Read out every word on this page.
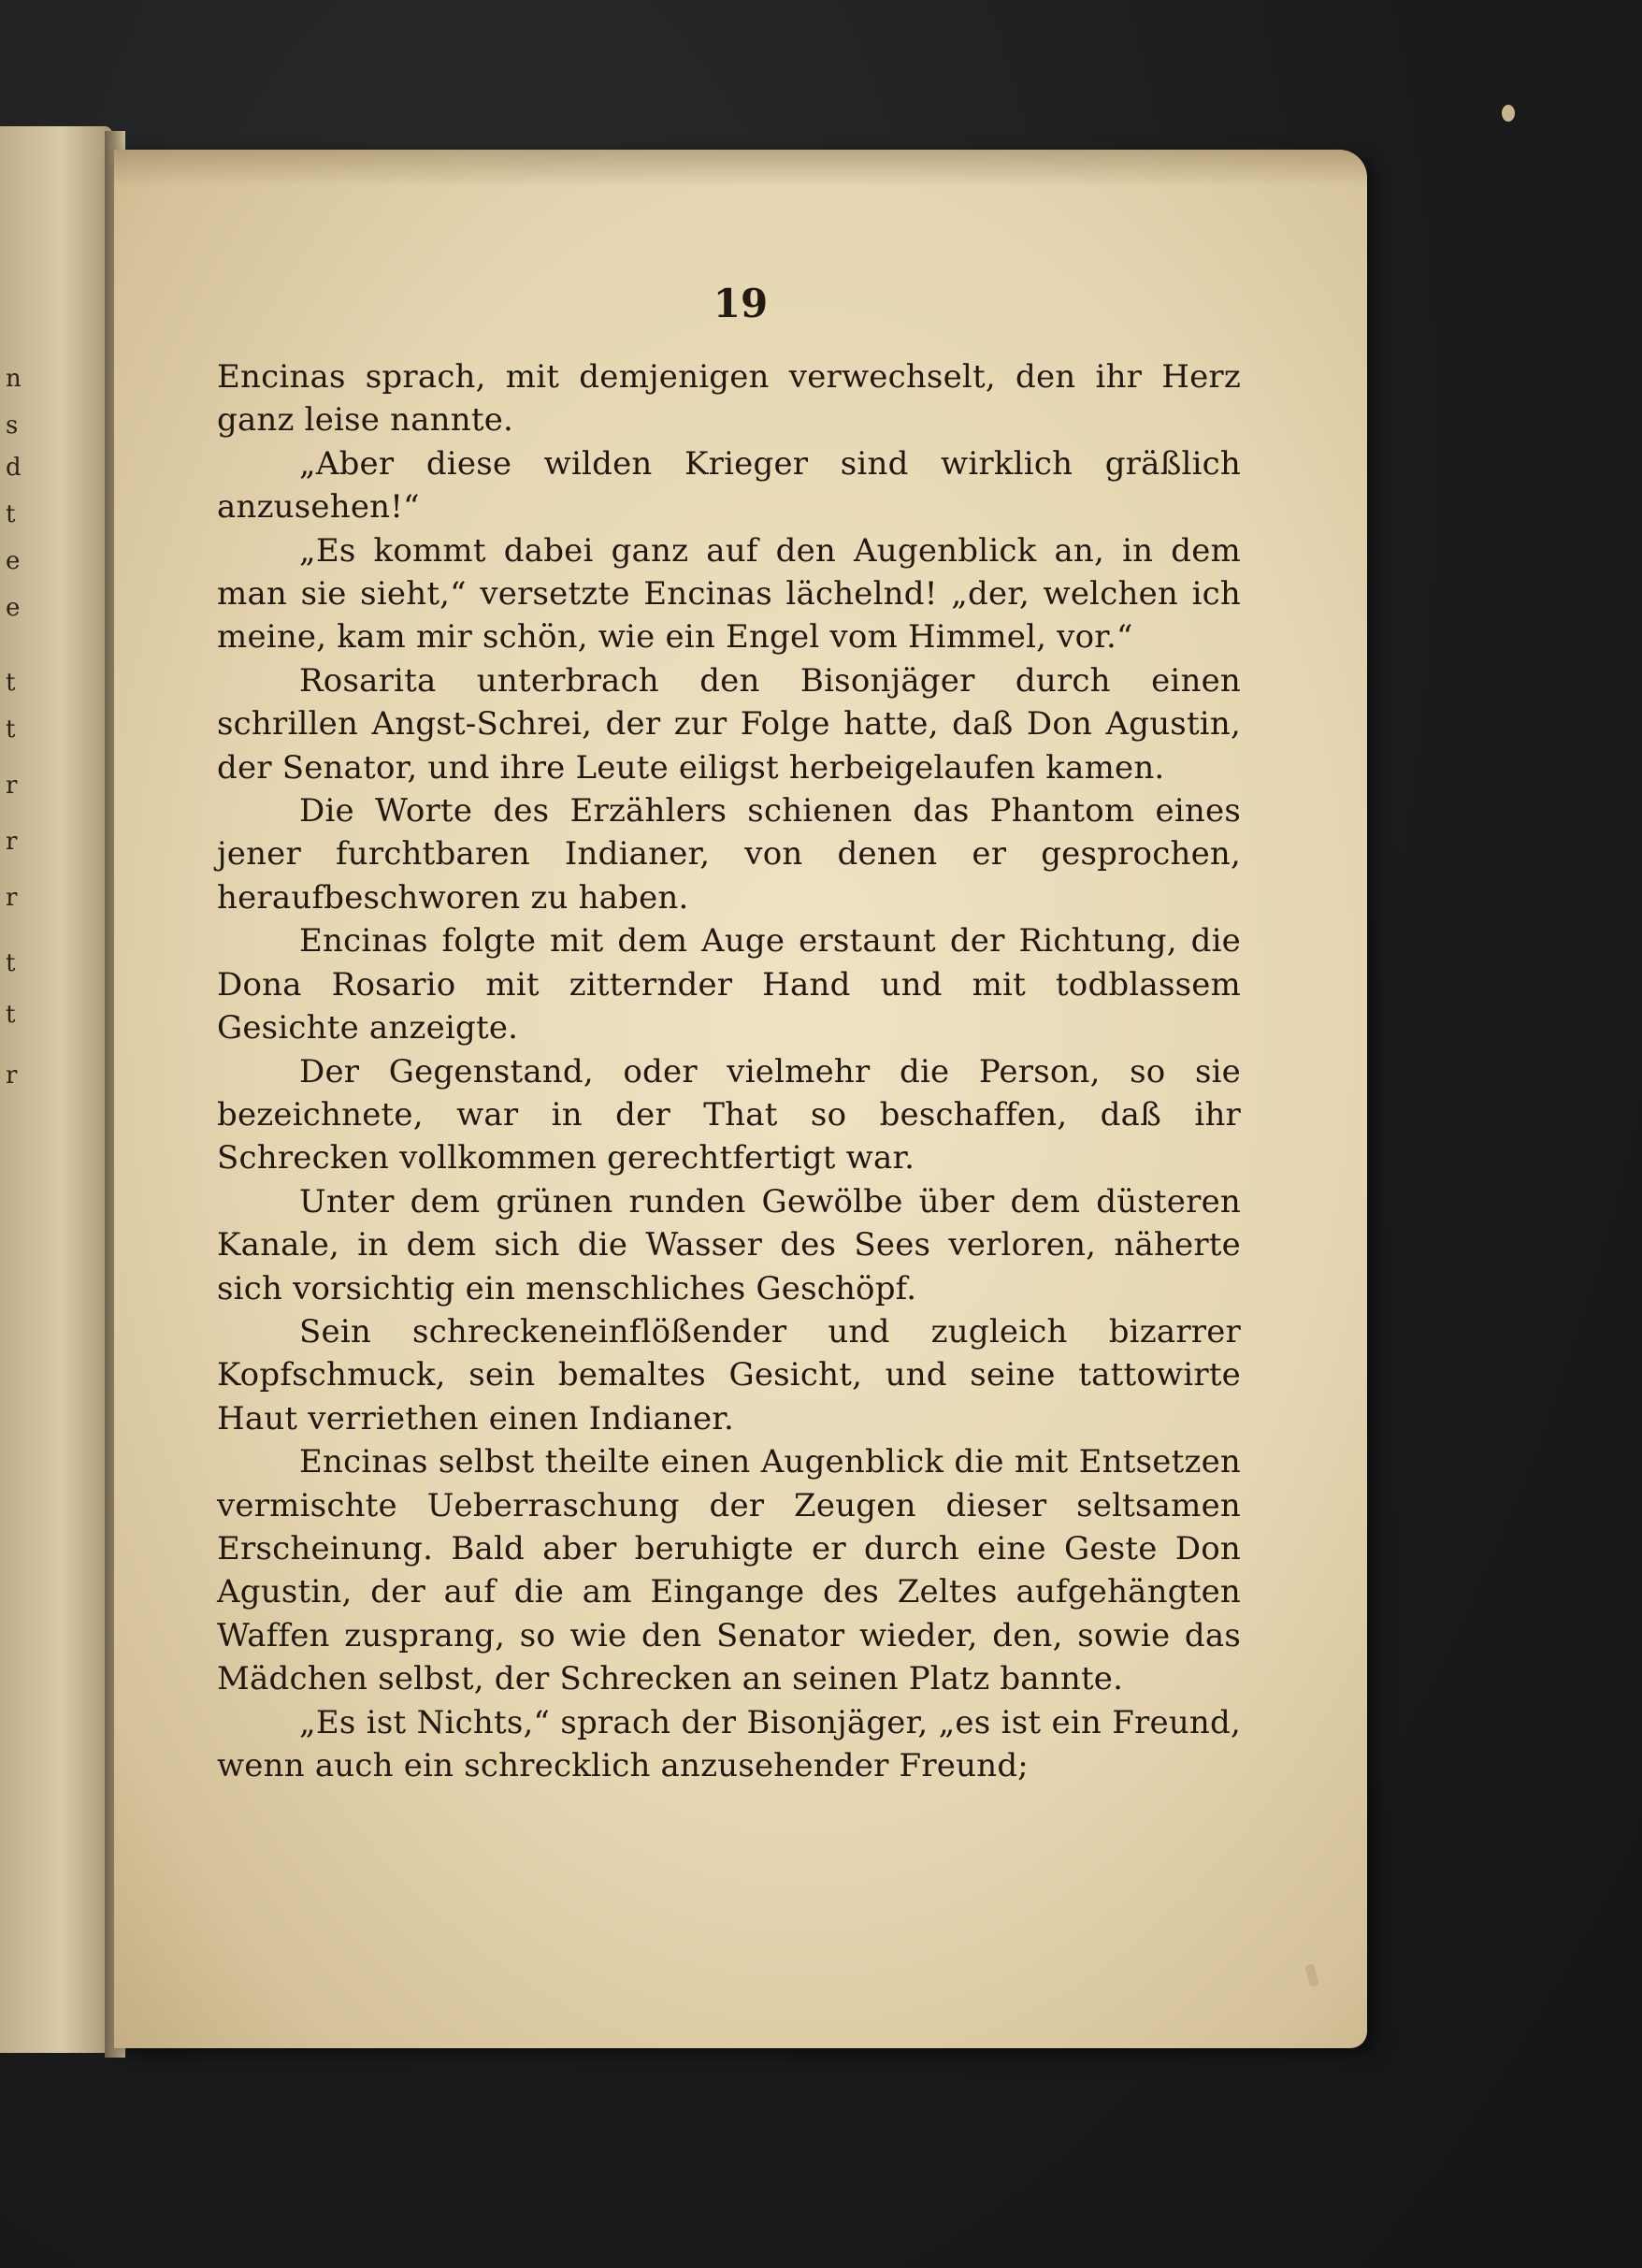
n
s
d
t
e
e
t
t
r
r
r
t
t
r
19

Encinas sprach, mit demjenigen verwechselt, den ihr Herz ganz leise nannte.

„Aber diese wilden Krieger sind wirklich gräßlich anzusehen!“

„Es kommt dabei ganz auf den Augenblick an, in dem man sie sieht,“ versetzte Encinas lächelnd! „der, welchen ich meine, kam mir schön, wie ein Engel vom Himmel, vor.“

Rosarita unterbrach den Bisonjäger durch einen schrillen Angst-Schrei, der zur Folge hatte, daß Don Agustin, der Senator, und ihre Leute eiligst herbeigelaufen kamen.

Die Worte des Erzählers schienen das Phantom eines jener furchtbaren Indianer, von denen er gesprochen, heraufbeschworen zu haben.

Encinas folgte mit dem Auge erstaunt der Richtung, die Dona Rosario mit zitternder Hand und mit todblassem Gesichte anzeigte.

Der Gegenstand, oder vielmehr die Person, so sie bezeichnete, war in der That so beschaffen, daß ihr Schrecken vollkommen gerechtfertigt war.

Unter dem grünen runden Gewölbe über dem düsteren Kanale, in dem sich die Wasser des Sees verloren, näherte sich vorsichtig ein menschliches Geschöpf.

Sein schreckeneinflößender und zugleich bizarrer Kopfschmuck, sein bemaltes Gesicht, und seine tattowirte Haut verriethen einen Indianer.

Encinas selbst theilte einen Augenblick die mit Entsetzen vermischte Ueberraschung der Zeugen dieser seltsamen Erscheinung. Bald aber beruhigte er durch eine Geste Don Agustin, der auf die am Eingange des Zeltes aufgehängten Waffen zusprang, so wie den Senator wieder, den, sowie das Mädchen selbst, der Schrecken an seinen Platz bannte.

„Es ist Nichts,“ sprach der Bisonjäger, „es ist ein Freund, wenn auch ein schrecklich anzusehender Freund;
